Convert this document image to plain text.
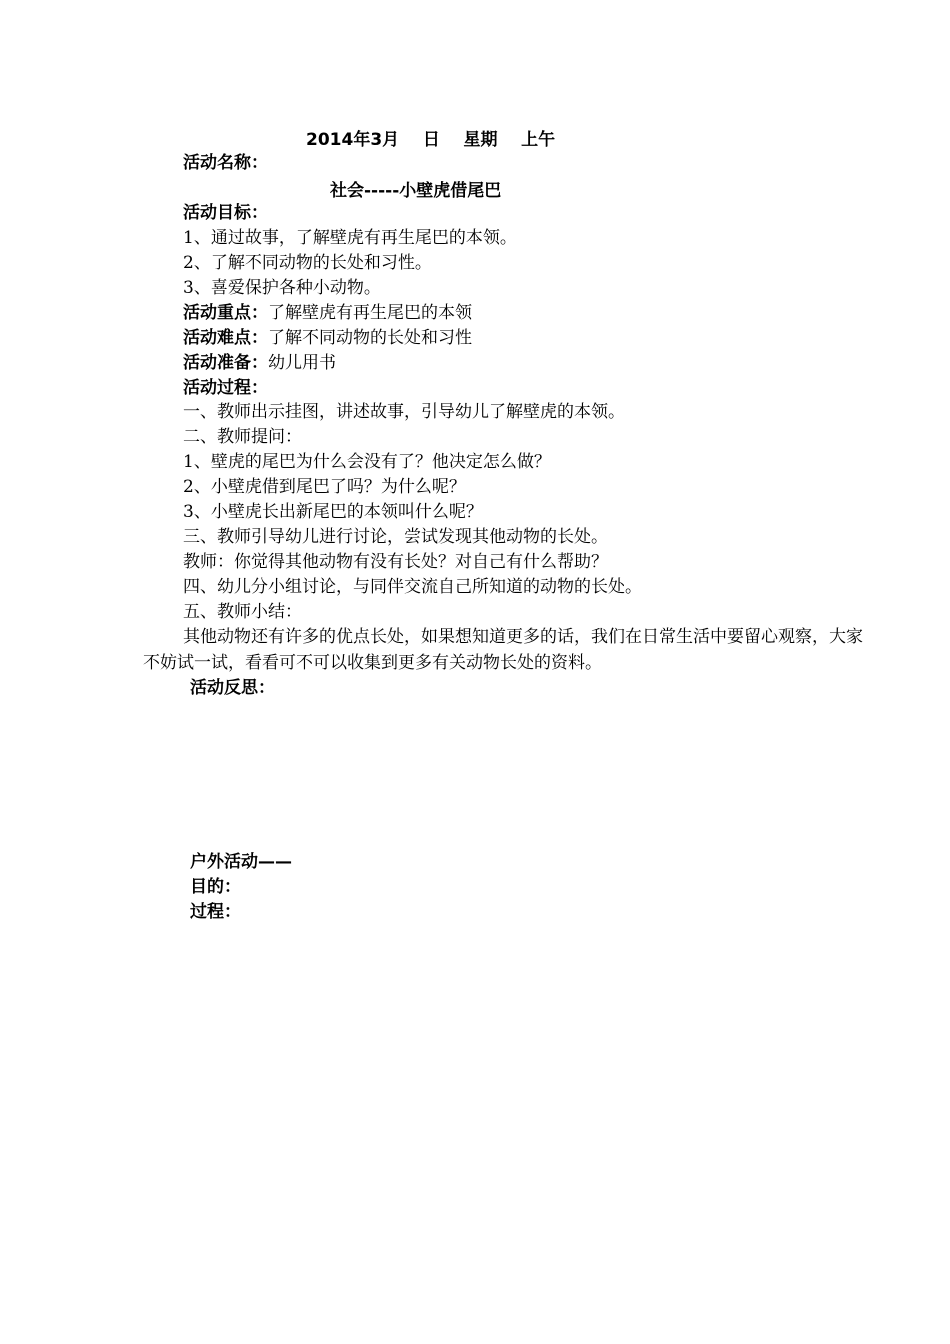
2014年3月    日    星期    上午
活动名称：
社会-----小壁虎借尾巴
活动目标：
1、通过故事，了解壁虎有再生尾巴的本领。
2、了解不同动物的长处和习性。
3、喜爱保护各种小动物。
活动重点：了解壁虎有再生尾巴的本领
活动难点：了解不同动物的长处和习性
活动准备：幼儿用书
活动过程：
一、教师出示挂图，讲述故事，引导幼儿了解壁虎的本领。
二、教师提问：
1、壁虎的尾巴为什么会没有了？他决定怎么做？
2、小壁虎借到尾巴了吗？为什么呢？
3、小壁虎长出新尾巴的本领叫什么呢？
三、教师引导幼儿进行讨论，尝试发现其他动物的长处。
教师：你觉得其他动物有没有长处？对自己有什么帮助？
四、幼儿分小组讨论，与同伴交流自己所知道的动物的长处。
五、教师小结：
其他动物还有许多的优点长处，如果想知道更多的话，我们在日常生活中要留心观察，大家不妨试一试，看看可不可以收集到更多有关动物长处的资料。
活动反思：
户外活动——
目的：
过程：
